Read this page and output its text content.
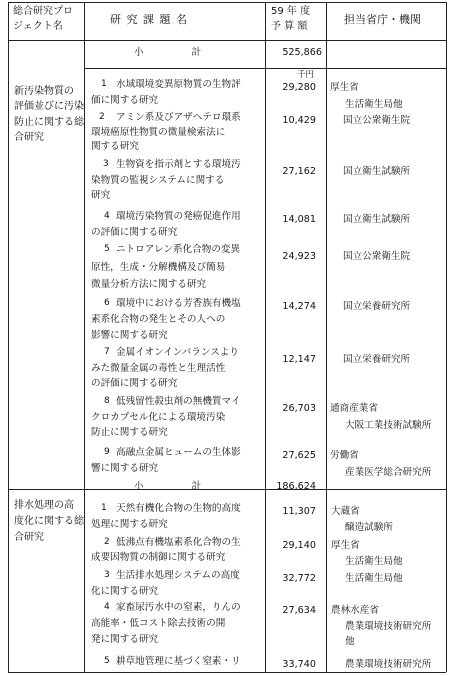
総合研究プロ
ジェクト名
研 究 課 題 名
59 年 度
予 算 額
担当省庁・機関
小　　　　　計	525,866
千円
新汚染物質の
評価並びに汚染
防止に関する総
合研究
1 水域環境変異原物質の生物評
価に関する研究
29,280 厚生省
生活衛生局他
2 アミン系及びアザヘテロ環系
環境癌原性物質の微量検索法に
関する研究
10,429	国立公衆衛生院
3 生物資を指示剤とする環境汚
染物質の監視システムに関する
研究
27,162	国立衛生試験所
4 環境汚染物質の発癌促進作用
の評価に関する研究
14,081	国立衛生試験所
5 ニトロアレン系化合物の変異
原性，生成・分解機構及び簡易
微量分析方法に関する研究
24,923	国立公衆衛生院
6 環境中における芳香族有機塩
素系化合物の発生とその人への
影響に関する研究
14,274	国立栄養研究所
7 金属イオンインバランスより
みた微量金属の毒性と生理活性
の評価に関する研究
12,147	国立栄養研究所
8 低残留性殺虫剤の無機質マイ
クロカプセル化による環境汚染
防止に関する研究
26,703 通商産業省
大阪工業技術試験所
9 高融点金属ヒュームの生体影
響に関する研究
27,625 労働省
産業医学総合研究所
小　　　　　計	186,624
排水処理の高
度化に関する総
合研究
1 天然有機化合物の生物的高度
処理に関する研究
11,307 大蔵省
醸造試験所
2 低沸点有機塩素系化合物の生
成要因物質の制御に関する研究
29,140 厚生省
生活衛生局他
3 生活排水処理システムの高度
化に関する研究
32,772	生活衛生局他
4 家畜尿汚水中の窒素，りんの
高能率・低コスト除去技術の開
発に関する研究
27,634 農林水産省
農業環境技術研究所
他
5 耕草地管理に基づく窒素・リ	33,740	農業環境技術研究所
